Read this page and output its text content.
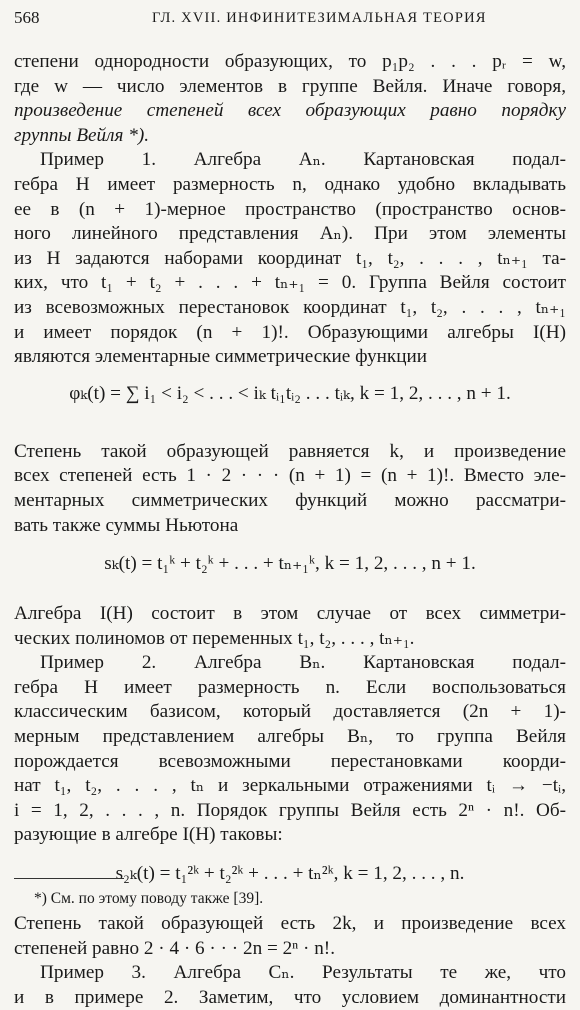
568	ГЛ. XVII. ИНФИНИТЕЗИМАЛЬНАЯ ТЕОРИЯ

степени однородности образующих, то p₁p₂ . . . pᵣ = w,

где w — число элементов в группе Вейля. Иначе говоря,

произведение степеней всех образующих равно порядку

группы Вейля *).

Пример 1. Алгебра Aₙ. Картановская подал-

гебра H имеет размерность n, однако удобно вкладывать

ее в (n + 1)-мерное пространство (пространство основ-

ного линейного представления Aₙ). При этом элементы

из H задаются наборами координат t₁, t₂, . . . , tₙ₊₁ та-

ких, что t₁ + t₂ + . . . + tₙ₊₁ = 0. Группа Вейля состоит

из всевозможных перестановок координат t₁, t₂, . . . , tₙ₊₁

и имеет порядок (n + 1)!. Образующими алгебры I(H)

являются элементарные симметрические функции

φₖ(t) = ∑ i₁ < i₂ < . . . < iₖ tᵢ₁tᵢ₂ . . . tᵢₖ, k = 1, 2, . . . , n + 1.

Степень такой образующей равняется k, и произведение

всех степеней есть 1 · 2 · · · (n + 1) = (n + 1)!. Вместо эле-

ментарных симметрических функций можно рассматри-

вать также суммы Ньютона

sₖ(t) = t₁ᵏ + t₂ᵏ + . . . + tₙ₊₁ᵏ, k = 1, 2, . . . , n + 1.

Алгебра I(H) состоит в этом случае от всех симметри-

ческих полиномов от переменных t₁, t₂, . . . , tₙ₊₁.

Пример 2. Алгебра Bₙ. Картановская подал-

гебра H имеет размерность n. Если воспользоваться

классическим базисом, который доставляется (2n + 1)-

мерным представлением алгебры Bₙ, то группа Вейля

порождается всевозможными перестановками коорди-

нат t₁, t₂, . . . , tₙ и зеркальными отражениями tᵢ → −tᵢ,

i = 1, 2, . . . , n. Порядок группы Вейля есть 2ⁿ · n!. Об-

разующие в алгебре I(H) таковы:

s₂ₖ(t) = t₁²ᵏ + t₂²ᵏ + . . . + tₙ²ᵏ, k = 1, 2, . . . , n.

Степень такой образующей есть 2k, и произведение всех

степеней равно 2 · 4 · 6 · · · 2n = 2ⁿ · n!.

Пример 3. Алгебра Cₙ. Результаты те же, что

и в примере 2. Заметим, что условием доминантности

*) См. по этому поводу также [39].
